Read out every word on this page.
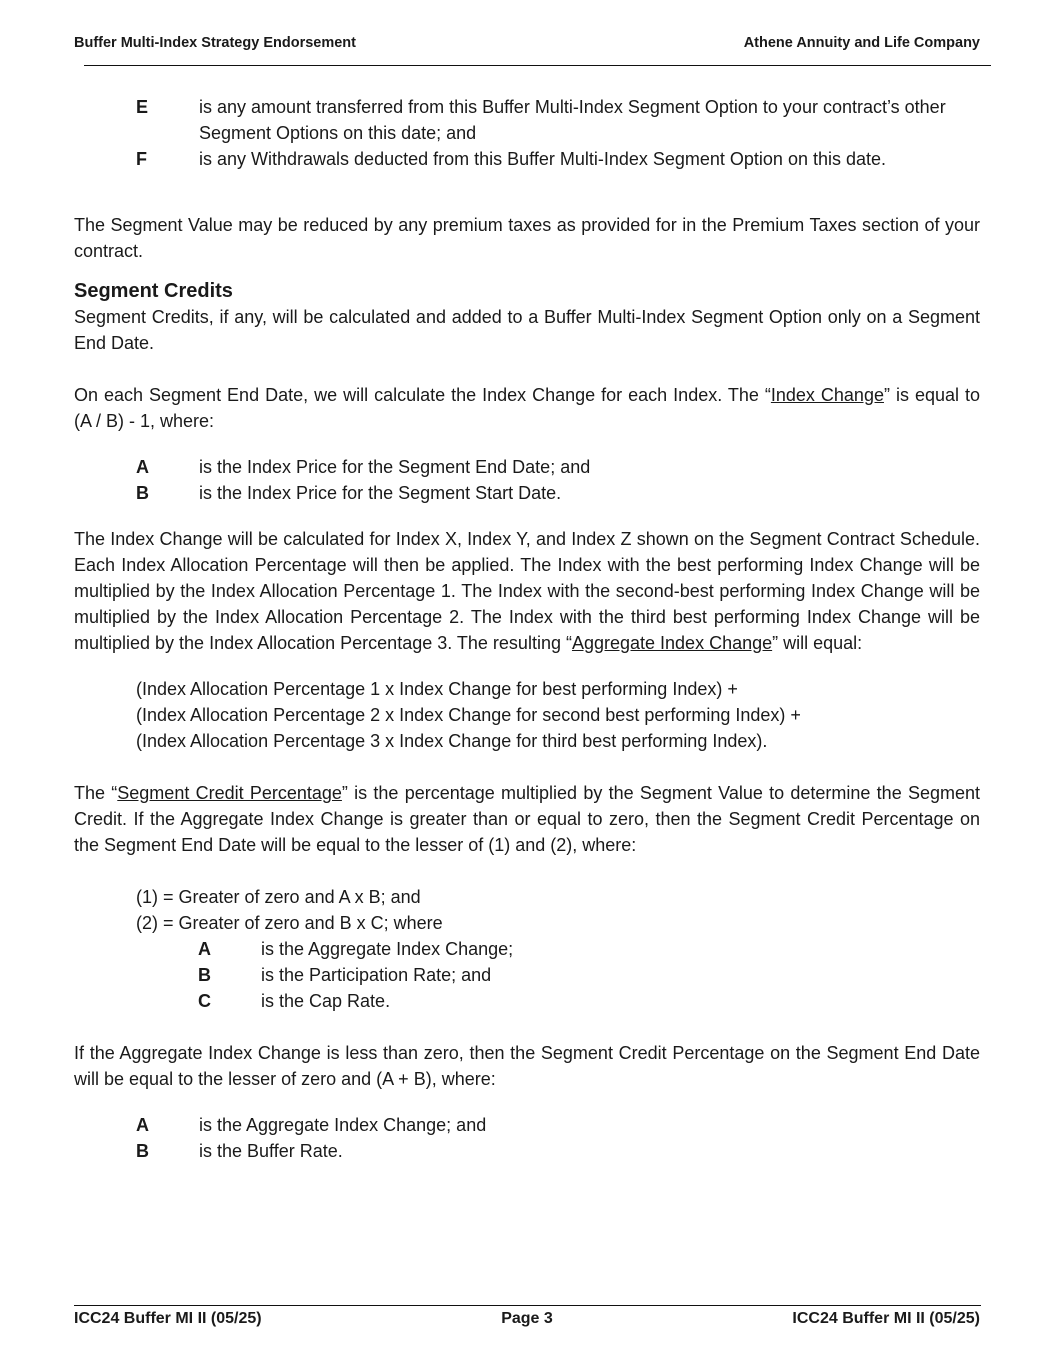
Buffer Multi-Index Strategy Endorsement	Athene Annuity and Life Company
E	is any amount transferred from this Buffer Multi-Index Segment Option to your contract’s other Segment Options on this date; and
F	is any Withdrawals deducted from this Buffer Multi-Index Segment Option on this date.

The Segment Value may be reduced by any premium taxes as provided for in the Premium Taxes section of your contract.

Segment Credits

Segment Credits, if any, will be calculated and added to a Buffer Multi-Index Segment Option only on a Segment End Date.

On each Segment End Date, we will calculate the Index Change for each Index. The “Index Change” is equal to (A / B) - 1, where:

A	is the Index Price for the Segment End Date; and
B	is the Index Price for the Segment Start Date.

The Index Change will be calculated for Index X, Index Y, and Index Z shown on the Segment Contract Schedule. Each Index Allocation Percentage will then be applied. The Index with the best performing Index Change will be multiplied by the Index Allocation Percentage 1. The Index with the second-best performing Index Change will be multiplied by the Index Allocation Percentage 2. The Index with the third best performing Index Change will be multiplied by the Index Allocation Percentage 3. The resulting “Aggregate Index Change” will equal:

(Index Allocation Percentage 1 x Index Change for best performing Index) +
(Index Allocation Percentage 2 x Index Change for second best performing Index) +
(Index Allocation Percentage 3 x Index Change for third best performing Index).

The “Segment Credit Percentage” is the percentage multiplied by the Segment Value to determine the Segment Credit. If the Aggregate Index Change is greater than or equal to zero, then the Segment Credit Percentage on the Segment End Date will be equal to the lesser of (1) and (2), where:

(1) = Greater of zero and A x B; and
(2) = Greater of zero and B x C; where
A	is the Aggregate Index Change;
B	is the Participation Rate; and
C	is the Cap Rate.

If the Aggregate Index Change is less than zero, then the Segment Credit Percentage on the Segment End Date will be equal to the lesser of zero and (A + B), where:

A	is the Aggregate Index Change; and
B	is the Buffer Rate.
ICC24 Buffer MI II (05/25)	Page 3	ICC24 Buffer MI II (05/25)
